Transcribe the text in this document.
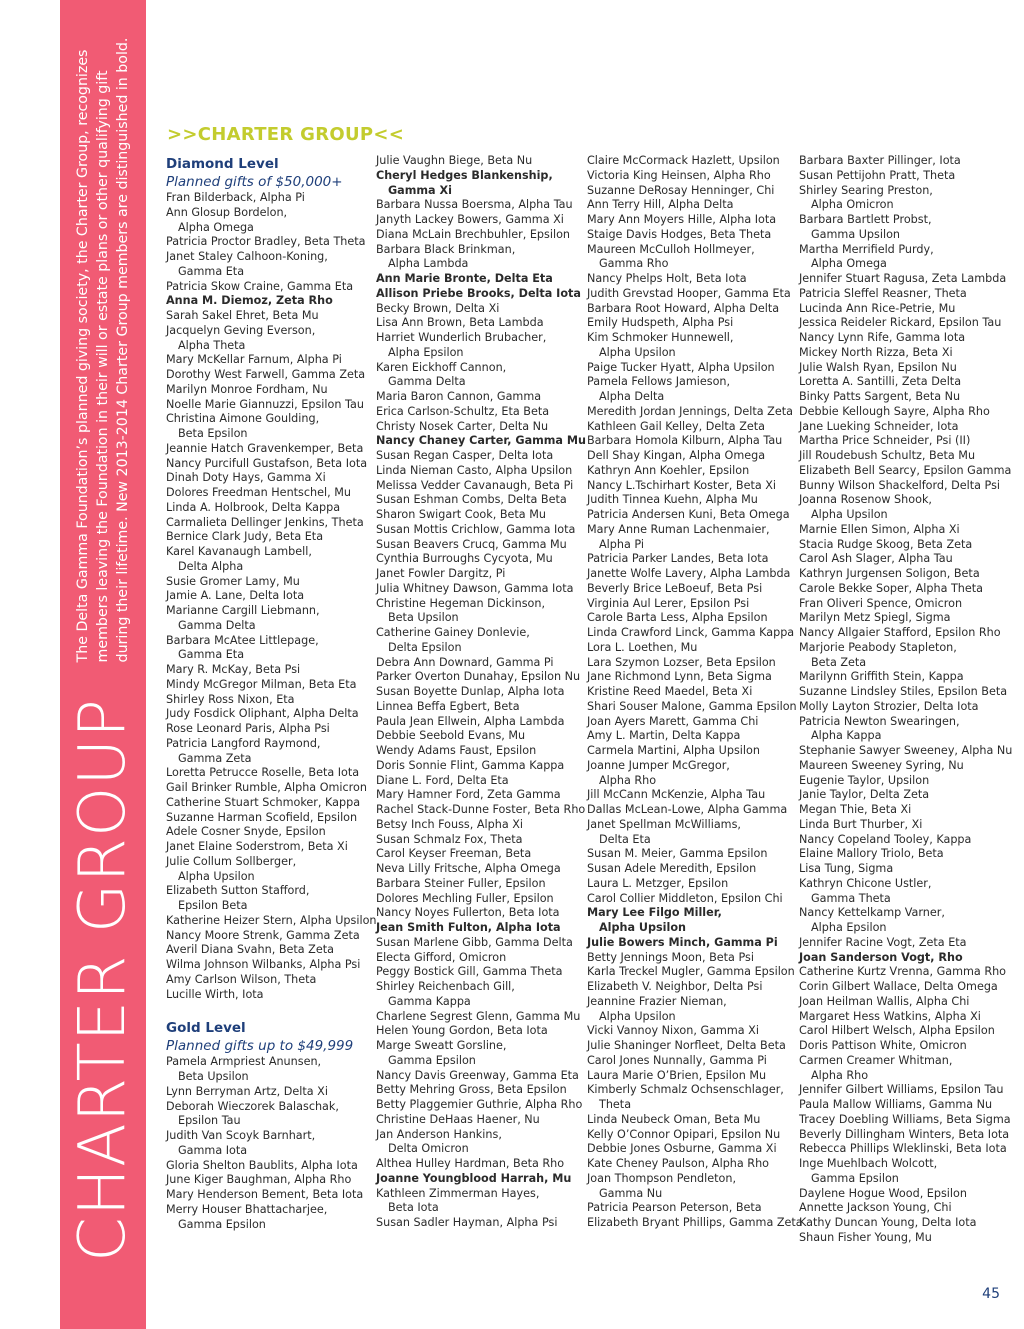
The Delta Gamma Foundation’s planned giving society, the Charter Group, recognizes members leaving the Foundation in their will or estate plans or other qualifying gift during their lifetime. New 2013-2014 Charter Group members are distinguished in bold.
CHARTER GROUP
>>CHARTER GROUP<<
Diamond Level
Planned gifts of $50,000+
Fran Bilderback, Alpha Pi
Ann Glosup Bordelon,
Alpha Omega
Patricia Proctor Bradley, Beta Theta
Janet Staley Calhoon-Koning,
Gamma Eta
Patricia Skow Craine, Gamma Eta
Anna M. Diemoz, Zeta Rho
Sarah Sakel Ehret, Beta Mu
Jacquelyn Geving Everson,
Alpha Theta
Mary McKellar Farnum, Alpha Pi
Dorothy West Farwell, Gamma Zeta
Marilyn Monroe Fordham, Nu
Noelle Marie Giannuzzi, Epsilon Tau
Christina Aimone Goulding,
Beta Epsilon
Jeannie Hatch Gravenkemper, Beta
Nancy Purcifull Gustafson, Beta Iota
Dinah Doty Hays, Gamma Xi
Dolores Freedman Hentschel, Mu
Linda A. Holbrook, Delta Kappa
Carmalieta Dellinger Jenkins, Theta
Bernice Clark Judy, Beta Eta
Karel Kavanaugh Lambell,
Delta Alpha
Susie Gromer Lamy, Mu
Jamie A. Lane, Delta Iota
Marianne Cargill Liebmann,
Gamma Delta
Barbara McAtee Littlepage,
Gamma Eta
Mary R. McKay, Beta Psi
Mindy McGregor Milman, Beta Eta
Shirley Ross Nixon, Eta
Judy Fosdick Oliphant, Alpha Delta
Rose Leonard Paris, Alpha Psi
Patricia Langford Raymond,
Gamma Zeta
Loretta Petrucce Roselle, Beta Iota
Gail Brinker Rumble, Alpha Omicron
Catherine Stuart Schmoker, Kappa
Suzanne Harman Scofield, Epsilon
Adele Cosner Snyde, Epsilon
Janet Elaine Soderstrom, Beta Xi
Julie Collum Sollberger,
Alpha Upsilon
Elizabeth Sutton Stafford,
Epsilon Beta
Katherine Heizer Stern, Alpha Upsilon
Nancy Moore Strenk, Gamma Zeta
Averil Diana Svahn, Beta Zeta
Wilma Johnson Wilbanks, Alpha Psi
Amy Carlson Wilson, Theta
Lucille Wirth, Iota
Gold Level
Planned gifts up to $49,999
Pamela Armpriest Anunsen,
Beta Upsilon
Lynn Berryman Artz, Delta Xi
Deborah Wieczorek Balaschak,
Epsilon Tau
Judith Van Scoyk Barnhart,
Gamma Iota
Gloria Shelton Baublits, Alpha Iota
June Kiger Baughman, Alpha Rho
Mary Henderson Bement, Beta Iota
Merry Houser Bhattacharjee,
Gamma Epsilon
Julie Vaughn Biege, Beta Nu
Cheryl Hedges Blankenship,
Gamma Xi
Barbara Nussa Boersma, Alpha Tau
Janyth Lackey Bowers, Gamma Xi
Diana McLain Brechbuhler, Epsilon
Barbara Black Brinkman,
Alpha Lambda
Ann Marie Bronte, Delta Eta
Allison Priebe Brooks, Delta Iota
Becky Brown, Delta Xi
Lisa Ann Brown, Beta Lambda
Harriet Wunderlich Brubacher,
Alpha Epsilon
Karen Eickhoff Cannon,
Gamma Delta
Maria Baron Cannon, Gamma
Erica Carlson-Schultz, Eta Beta
Christy Nosek Carter, Delta Nu
Nancy Chaney Carter, Gamma Mu
Susan Regan Casper, Delta Iota
Linda Nieman Casto, Alpha Upsilon
Melissa Vedder Cavanaugh, Beta Pi
Susan Eshman Combs, Delta Beta
Sharon Swigart Cook, Beta Mu
Susan Mottis Crichlow, Gamma Iota
Susan Beavers Crucq, Gamma Mu
Cynthia Burroughs Cycyota, Mu
Janet Fowler Dargitz, Pi
Julia Whitney Dawson, Gamma Iota
Christine Hegeman Dickinson,
Beta Upsilon
Catherine Gainey Donlevie,
Delta Epsilon
Debra Ann Downard, Gamma Pi
Parker Overton Dunahay, Epsilon Nu
Susan Boyette Dunlap, Alpha Iota
Linnea Beffa Egbert, Beta
Paula Jean Ellwein, Alpha Lambda
Debbie Seebold Evans, Mu
Wendy Adams Faust, Epsilon
Doris Sonnie Flint, Gamma Kappa
Diane L. Ford, Delta Eta
Mary Hamner Ford, Zeta Gamma
Rachel Stack-Dunne Foster, Beta Rho
Betsy Inch Fouss, Alpha Xi
Susan Schmalz Fox, Theta
Carol Keyser Freeman, Beta
Neva Lilly Fritsche, Alpha Omega
Barbara Steiner Fuller, Epsilon
Dolores Mechling Fuller, Epsilon
Nancy Noyes Fullerton, Beta Iota
Jean Smith Fulton, Alpha Iota
Susan Marlene Gibb, Gamma Delta
Electa Gifford, Omicron
Peggy Bostick Gill, Gamma Theta
Shirley Reichenbach Gill,
Gamma Kappa
Charlene Segrest Glenn, Gamma Mu
Helen Young Gordon, Beta Iota
Marge Sweatt Gorsline,
Gamma Epsilon
Nancy Davis Greenway, Gamma Eta
Betty Mehring Gross, Beta Epsilon
Betty Plaggemier Guthrie, Alpha Rho
Christine DeHaas Haener, Nu
Jan Anderson Hankins,
Delta Omicron
Althea Hulley Hardman, Beta Rho
Joanne Youngblood Harrah, Mu
Kathleen Zimmerman Hayes,
Beta Iota
Susan Sadler Hayman, Alpha Psi
Claire McCormack Hazlett, Upsilon
Victoria King Heinsen, Alpha Rho
Suzanne DeRosay Henninger, Chi
Ann Terry Hill, Alpha Delta
Mary Ann Moyers Hille, Alpha Iota
Staige Davis Hodges, Beta Theta
Maureen McCulloh Hollmeyer,
Gamma Rho
Nancy Phelps Holt, Beta Iota
Judith Grevstad Hooper, Gamma Eta
Barbara Root Howard, Alpha Delta
Emily Hudspeth, Alpha Psi
Kim Schmoker Hunnewell,
Alpha Upsilon
Paige Tucker Hyatt, Alpha Upsilon
Pamela Fellows Jamieson,
Alpha Delta
Meredith Jordan Jennings, Delta Zeta
Kathleen Gail Kelley, Delta Zeta
Barbara Homola Kilburn, Alpha Tau
Dell Shay Kingan, Alpha Omega
Kathryn Ann Koehler, Epsilon
Nancy L.Tschirhart Koster, Beta Xi
Judith Tinnea Kuehn, Alpha Mu
Patricia Andersen Kuni, Beta Omega
Mary Anne Ruman Lachenmaier,
Alpha Pi
Patricia Parker Landes, Beta Iota
Janette Wolfe Lavery, Alpha Lambda
Beverly Brice LeBoeuf, Beta Psi
Virginia Aul Lerer, Epsilon Psi
Carole Barta Less, Alpha Epsilon
Linda Crawford Linck, Gamma Kappa
Lora L. Loethen, Mu
Lara Szymon Lozser, Beta Epsilon
Jane Richmond Lynn, Beta Sigma
Kristine Reed Maedel, Beta Xi
Shari Souser Malone, Gamma Epsilon
Joan Ayers Marett, Gamma Chi
Amy L. Martin, Delta Kappa
Carmela Martini, Alpha Upsilon
Joanne Jumper McGregor,
Alpha Rho
Jill McCann McKenzie, Alpha Tau
Dallas McLean-Lowe, Alpha Gamma
Janet Spellman McWilliams,
Delta Eta
Susan M. Meier, Gamma Epsilon
Susan Adele Meredith, Epsilon
Laura L. Metzger, Epsilon
Carol Collier Middleton, Epsilon Chi
Mary Lee Filgo Miller,
Alpha Upsilon
Julie Bowers Minch, Gamma Pi
Betty Jennings Moon, Beta Psi
Karla Treckel Mugler, Gamma Epsilon
Elizabeth V. Neighbor, Delta Psi
Jeannine Frazier Nieman,
Alpha Upsilon
Vicki Vannoy Nixon, Gamma Xi
Julie Shaninger Norfleet, Delta Beta
Carol Jones Nunnally, Gamma Pi
Laura Marie O’Brien, Epsilon Mu
Kimberly Schmalz Ochsenschlager,
Theta
Linda Neubeck Oman, Beta Mu
Kelly O’Connor Opipari, Epsilon Nu
Debbie Jones Osburne, Gamma Xi
Kate Cheney Paulson, Alpha Rho
Joan Thompson Pendleton,
Gamma Nu
Patricia Pearson Peterson, Beta
Elizabeth Bryant Phillips, Gamma Zeta
Barbara Baxter Pillinger, Iota
Susan Pettijohn Pratt, Theta
Shirley Searing Preston,
Alpha Omicron
Barbara Bartlett Probst,
Gamma Upsilon
Martha Merrifield Purdy,
Alpha Omega
Jennifer Stuart Ragusa, Zeta Lambda
Patricia Sleffel Reasner, Theta
Lucinda Ann Rice-Petrie, Mu
Jessica Reideler Rickard, Epsilon Tau
Nancy Lynn Rife, Gamma Iota
Mickey North Rizza, Beta Xi
Julie Walsh Ryan, Epsilon Nu
Loretta A. Santilli, Zeta Delta
Binky Patts Sargent, Beta Nu
Debbie Kellough Sayre, Alpha Rho
Jane Lueking Schneider, Iota
Martha Price Schneider, Psi (II)
Jill Roudebush Schultz, Beta Mu
Elizabeth Bell Searcy, Epsilon Gamma
Bunny Wilson Shackelford, Delta Psi
Joanna Rosenow Shook,
Alpha Upsilon
Marnie Ellen Simon, Alpha Xi
Stacia Rudge Skoog, Beta Zeta
Carol Ash Slager, Alpha Tau
Kathryn Jurgensen Soligon, Beta
Carole Bekke Soper, Alpha Theta
Fran Oliveri Spence, Omicron
Marilyn Metz Spiegl, Sigma
Nancy Allgaier Stafford, Epsilon Rho
Marjorie Peabody Stapleton,
Beta Zeta
Marilynn Griffith Stein, Kappa
Suzanne Lindsley Stiles, Epsilon Beta
Molly Layton Strozier, Delta Iota
Patricia Newton Swearingen,
Alpha Kappa
Stephanie Sawyer Sweeney, Alpha Nu
Maureen Sweeney Syring, Nu
Eugenie Taylor, Upsilon
Janie Taylor, Delta Zeta
Megan Thie, Beta Xi
Linda Burt Thurber, Xi
Nancy Copeland Tooley, Kappa
Elaine Mallory Triolo, Beta
Lisa Tung, Sigma
Kathryn Chicone Ustler,
Gamma Theta
Nancy Kettelkamp Varner,
Alpha Epsilon
Jennifer Racine Vogt, Zeta Eta
Joan Sanderson Vogt, Rho
Catherine Kurtz Vrenna, Gamma Rho
Corin Gilbert Wallace, Delta Omega
Joan Heilman Wallis, Alpha Chi
Margaret Hess Watkins, Alpha Xi
Carol Hilbert Welsch, Alpha Epsilon
Doris Pattison White, Omicron
Carmen Creamer Whitman,
Alpha Rho
Jennifer Gilbert Williams, Epsilon Tau
Paula Mallow Williams, Gamma Nu
Tracey Doebling Williams, Beta Sigma
Beverly Dillingham Winters, Beta Iota
Rebecca Phillips Wleklinski, Beta Iota
Inge Muehlbach Wolcott,
Gamma Epsilon
Daylene Hogue Wood, Epsilon
Annette Jackson Young, Chi
Kathy Duncan Young, Delta Iota
Shaun Fisher Young, Mu
45
